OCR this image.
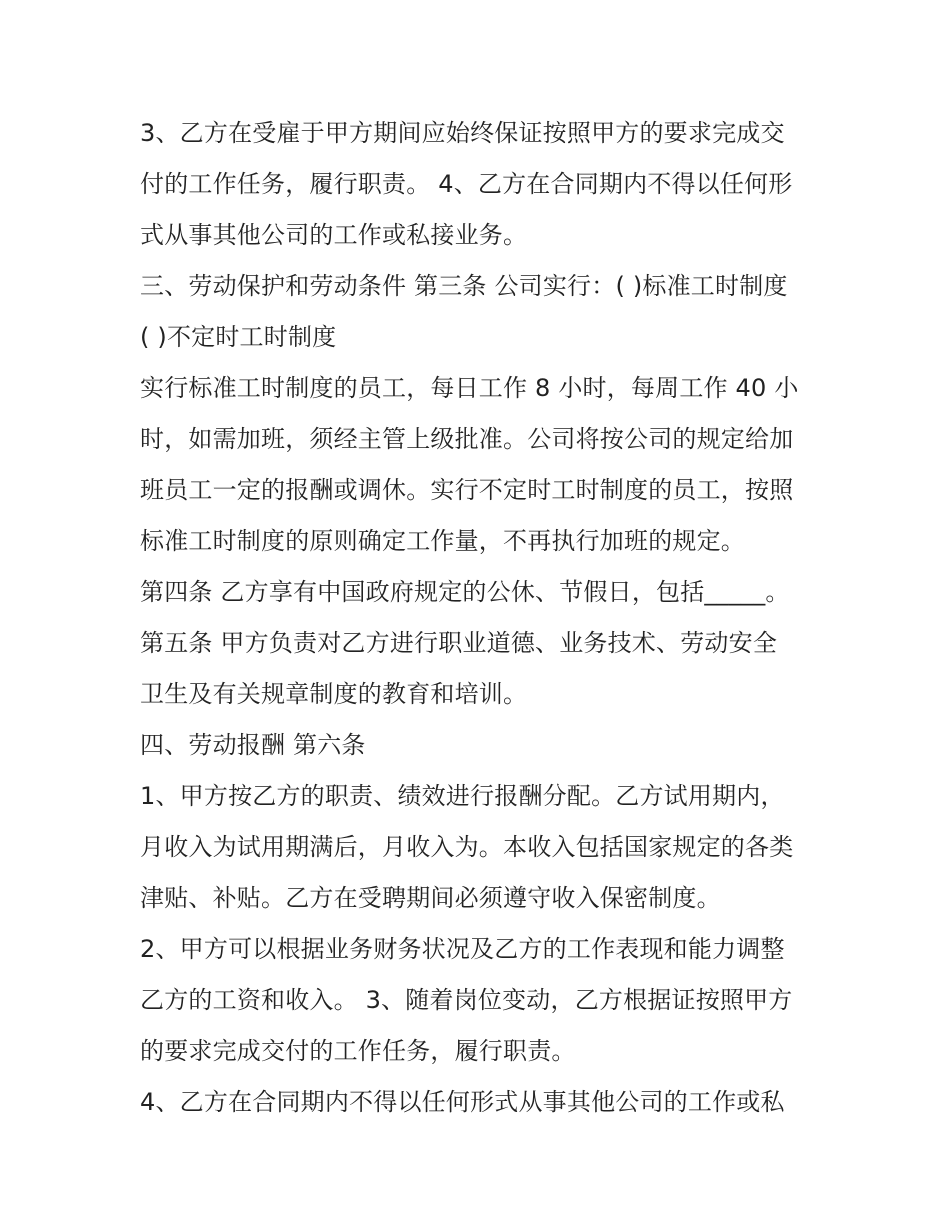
3、乙方在受雇于甲方期间应始终保证按照甲方的要求完成交
付的工作任务，履行职责。 4、乙方在合同期内不得以任何形
式从事其他公司的工作或私接业务。
三、劳动保护和劳动条件 第三条 公司实行：( )标准工时制度
( )不定时工时制度
实行标准工时制度的员工，每日工作 8 小时，每周工作 40 小
时，如需加班，须经主管上级批准。公司将按公司的规定给加
班员工一定的报酬或调休。实行不定时工时制度的员工，按照
标准工时制度的原则确定工作量，不再执行加班的规定。
第四条 乙方享有中国政府规定的公休、节假日，包括_____。
第五条 甲方负责对乙方进行职业道德、业务技术、劳动安全
卫生及有关规章制度的教育和培训。
四、劳动报酬 第六条
1、甲方按乙方的职责、绩效进行报酬分配。乙方试用期内，
月收入为试用期满后，月收入为。本收入包括国家规定的各类
津贴、补贴。乙方在受聘期间必须遵守收入保密制度。
2、甲方可以根据业务财务状况及乙方的工作表现和能力调整
乙方的工资和收入。 3、随着岗位变动，乙方根据证按照甲方
的要求完成交付的工作任务，履行职责。
4、乙方在合同期内不得以任何形式从事其他公司的工作或私
